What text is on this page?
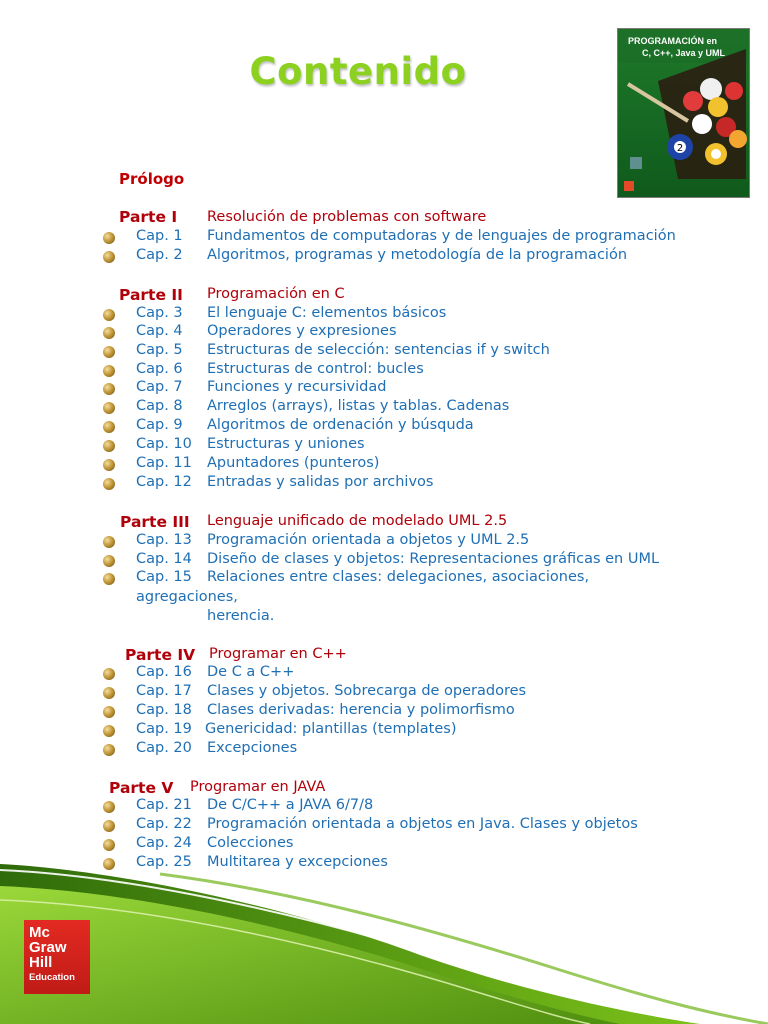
Contenido
2
PROGRAMACIÓN en
C, C++, Java y UML
Prólogo
Parte I Resolución de problemas con software
Cap. 1 Fundamentos de computadoras y de lenguajes de programación
Cap. 2 Algoritmos, programas y metodología de la programación
Parte II Programación en C
Cap. 3 El lenguaje C: elementos básicos
Cap. 4 Operadores y expresiones
Cap. 5 Estructuras de selección: sentencias if y switch
Cap. 6 Estructuras de control: bucles
Cap. 7 Funciones y recursividad
Cap. 8 Arreglos (arrays), listas y tablas. Cadenas
Cap. 9 Algoritmos de ordenación y búsquda
Cap. 10 Estructuras y uniones
Cap. 11 Apuntadores (punteros)
Cap. 12 Entradas y salidas por archivos
Parte III Lenguaje unificado de modelado UML 2.5
Cap. 13 Programación orientada a objetos y UML 2.5
Cap. 14 Diseño de clases y objetos: Representaciones gráficas en UML
Cap. 15 Relaciones entre clases: delegaciones, asociaciones,
agregaciones,
herencia.
Parte IV Programar en C++
Cap. 16 De C a C++
Cap. 17 Clases y objetos. Sobrecarga de operadores
Cap. 18 Clases derivadas: herencia y polimorfismo
Cap. 19 Genericidad: plantillas (templates)
Cap. 20 Excepciones
Parte V Programar en JAVA
Cap. 21 De C/C++ a JAVA 6/7/8
Cap. 22 Programación orientada a objetos en Java. Clases y objetos
Cap. 24 Colecciones
Cap. 25 Multitarea y excepciones
Mc
Graw
Hill
Education
